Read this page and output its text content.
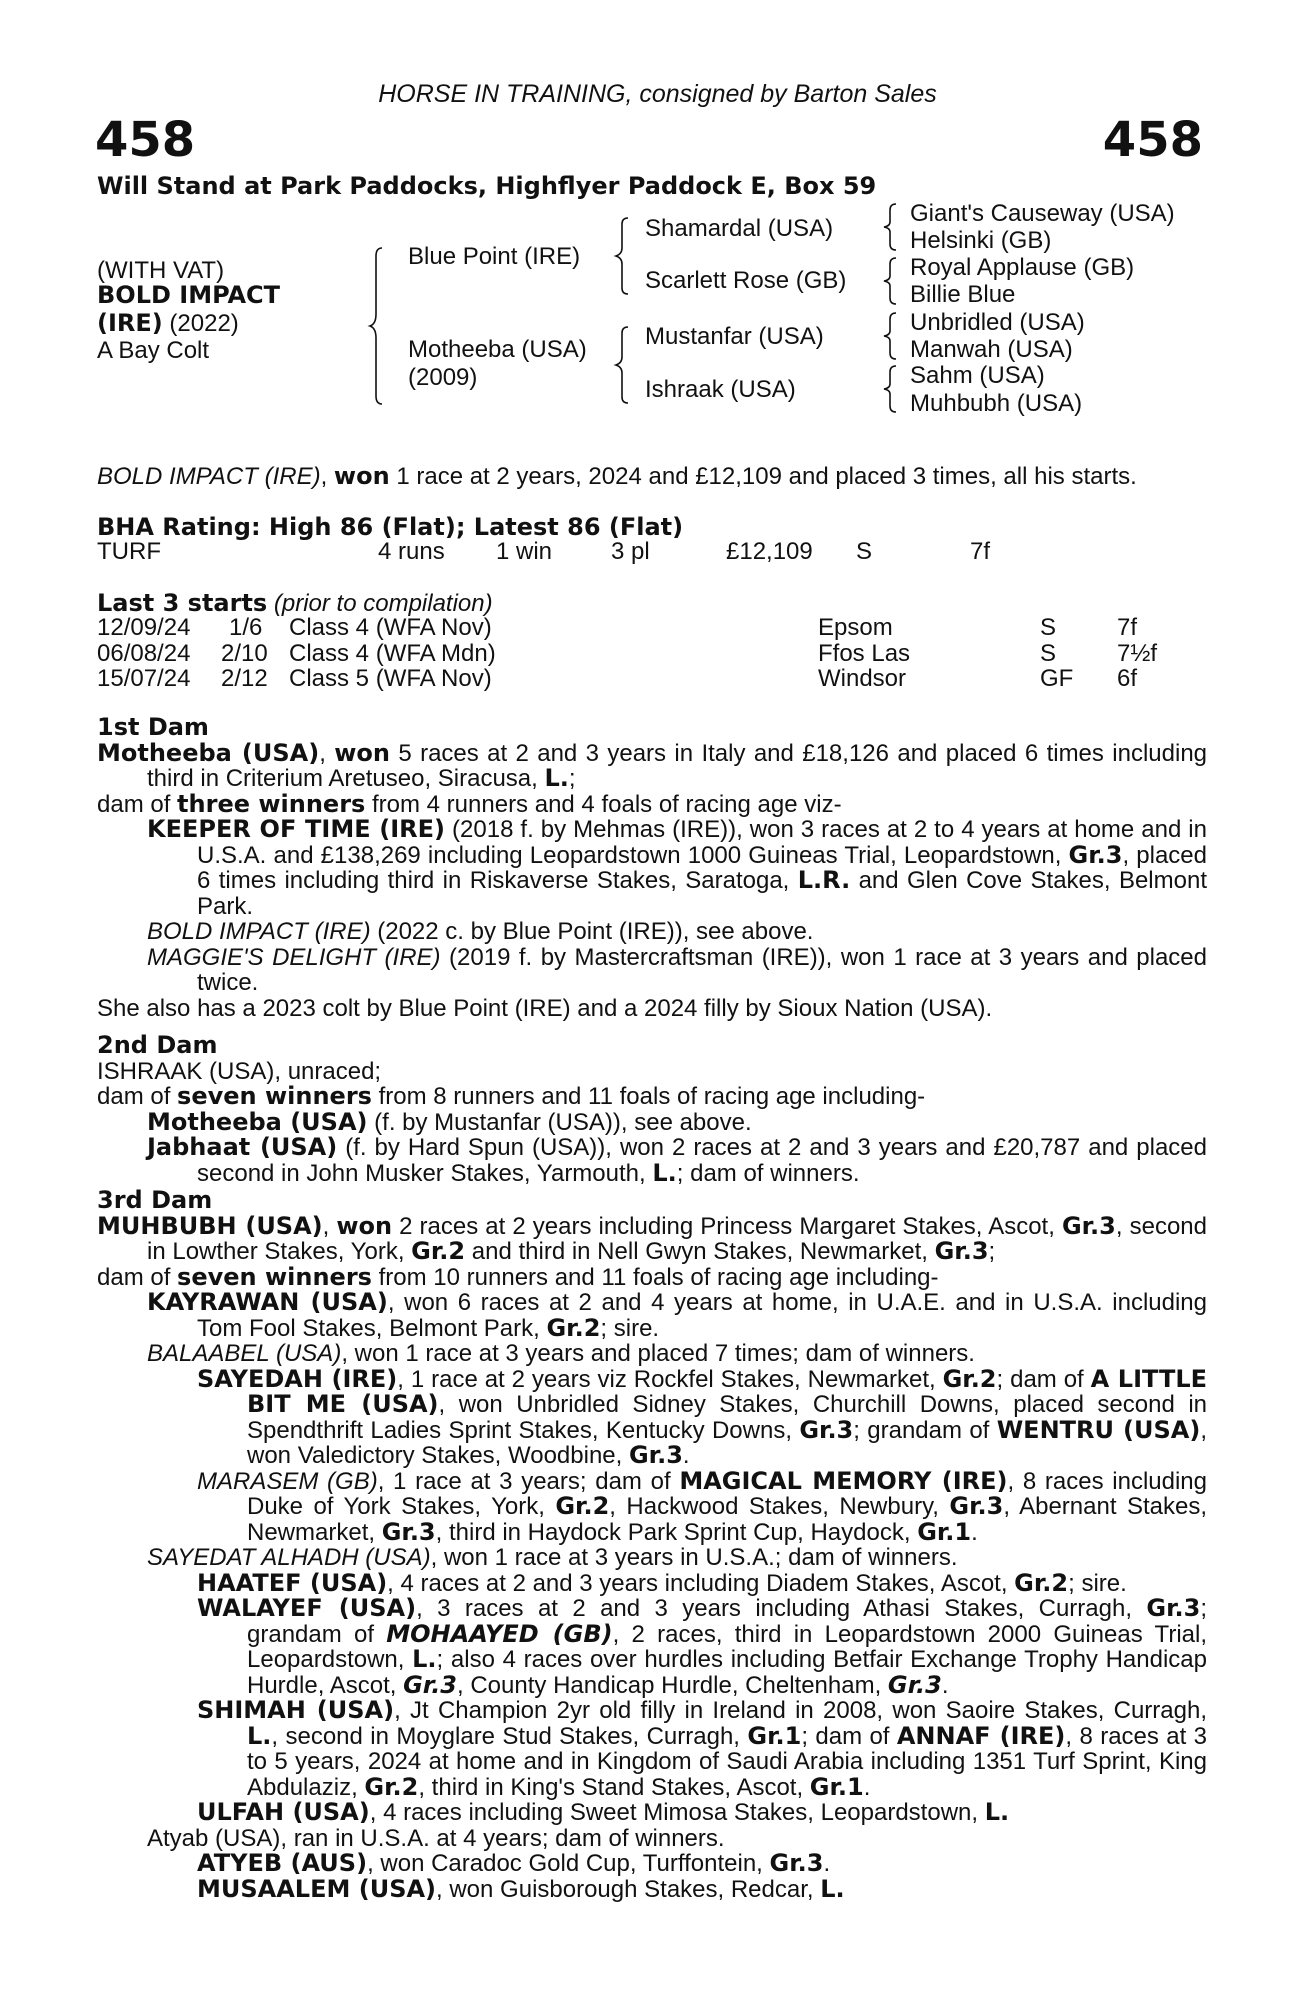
HORSE IN TRAINING, consigned by Barton Sales
458	458
Will Stand at Park Paddocks, Highflyer Paddock E, Box 59
(WITH VAT)
BOLD IMPACT
(IRE) (2022)
A Bay Colt
Blue Point (IRE)
Motheeba (USA)
(2009)
Shamardal (USA)
Scarlett Rose (GB)
Mustanfar (USA)
Ishraak (USA)
Giant's Causeway (USA)
Helsinki (GB)
Royal Applause (GB)
Billie Blue
Unbridled (USA)
Manwah (USA)
Sahm (USA)
Muhbubh (USA)
BOLD IMPACT (IRE), won 1 race at 2 years, 2024 and £12,109 and placed 3 times, all his starts.
BHA Rating: High 86 (Flat); Latest 86 (Flat)
TURF	4 runs 1 win 3 pl	£12,109 S	7f
Last 3 starts (prior to compilation)
12/09/24 1/6 Class 4 (WFA Nov)	Epsom	S	7f
06/08/24 2/10 Class 4 (WFA Mdn)	Ffos Las	S	7½f
15/07/24 2/12 Class 5 (WFA Nov)	Windsor	GF 6f
1st Dam

Motheeba (USA), won 5 races at 2 and 3 years in Italy and £18,126 and placed 6 times including third in Criterium Aretuseo, Siracusa, L.;

dam of three winners from 4 runners and 4 foals of racing age viz-

KEEPER OF TIME (IRE) (2018 f. by Mehmas (IRE)), won 3 races at 2 to 4 years at home and in U.S.A. and £138,269 including Leopardstown 1000 Guineas Trial, Leopardstown, Gr.3, placed 6 times including third in Riskaverse Stakes, Saratoga, L.R. and Glen Cove Stakes, Belmont Park.

BOLD IMPACT (IRE) (2022 c. by Blue Point (IRE)), see above.

MAGGIE'S DELIGHT (IRE) (2019 f. by Mastercraftsman (IRE)), won 1 race at 3 years and placed twice.

She also has a 2023 colt by Blue Point (IRE) and a 2024 filly by Sioux Nation (USA).

2nd Dam

ISHRAAK (USA), unraced;

dam of seven winners from 8 runners and 11 foals of racing age including-

Motheeba (USA) (f. by Mustanfar (USA)), see above.

Jabhaat (USA) (f. by Hard Spun (USA)), won 2 races at 2 and 3 years and £20,787 and placed second in John Musker Stakes, Yarmouth, L.; dam of winners.

3rd Dam

MUHBUBH (USA), won 2 races at 2 years including Princess Margaret Stakes, Ascot, Gr.3, second in Lowther Stakes, York, Gr.2 and third in Nell Gwyn Stakes, Newmarket, Gr.3;

dam of seven winners from 10 runners and 11 foals of racing age including-

KAYRAWAN (USA), won 6 races at 2 and 4 years at home, in U.A.E. and in U.S.A. including Tom Fool Stakes, Belmont Park, Gr.2; sire.

BALAABEL (USA), won 1 race at 3 years and placed 7 times; dam of winners.

SAYEDAH (IRE), 1 race at 2 years viz Rockfel Stakes, Newmarket, Gr.2; dam of A LITTLE BIT ME (USA), won Unbridled Sidney Stakes, Churchill Downs, placed second in Spendthrift Ladies Sprint Stakes, Kentucky Downs, Gr.3; grandam of WENTRU (USA), won Valedictory Stakes, Woodbine, Gr.3.

MARASEM (GB), 1 race at 3 years; dam of MAGICAL MEMORY (IRE), 8 races including Duke of York Stakes, York, Gr.2, Hackwood Stakes, Newbury, Gr.3, Abernant Stakes, Newmarket, Gr.3, third in Haydock Park Sprint Cup, Haydock, Gr.1.

SAYEDAT ALHADH (USA), won 1 race at 3 years in U.S.A.; dam of winners.

HAATEF (USA), 4 races at 2 and 3 years including Diadem Stakes, Ascot, Gr.2; sire.

WALAYEF (USA), 3 races at 2 and 3 years including Athasi Stakes, Curragh, Gr.3; grandam of MOHAAYED (GB), 2 races, third in Leopardstown 2000 Guineas Trial, Leopardstown, L.; also 4 races over hurdles including Betfair Exchange Trophy Handicap Hurdle, Ascot, Gr.3, County Handicap Hurdle, Cheltenham, Gr.3.

SHIMAH (USA), Jt Champion 2yr old filly in Ireland in 2008, won Saoire Stakes, Curragh, L., second in Moyglare Stud Stakes, Curragh, Gr.1; dam of ANNAF (IRE), 8 races at 3 to 5 years, 2024 at home and in Kingdom of Saudi Arabia including 1351 Turf Sprint, King Abdulaziz, Gr.2, third in King's Stand Stakes, Ascot, Gr.1.

ULFAH (USA), 4 races including Sweet Mimosa Stakes, Leopardstown, L.

Atyab (USA), ran in U.S.A. at 4 years; dam of winners.

ATYEB (AUS), won Caradoc Gold Cup, Turffontein, Gr.3.

MUSAALEM (USA), won Guisborough Stakes, Redcar, L.
